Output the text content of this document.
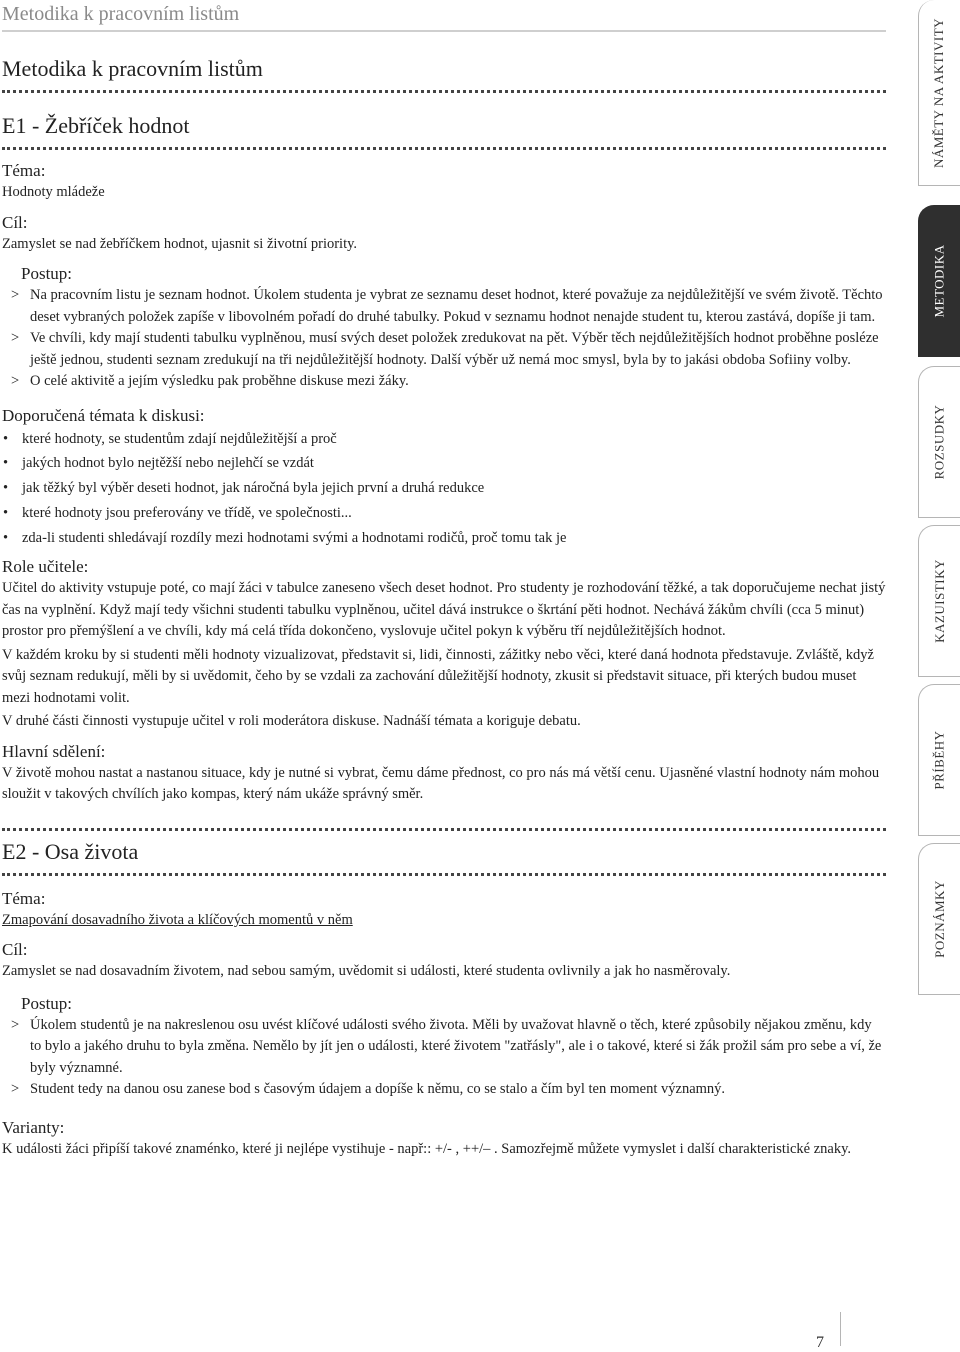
Metodika k pracovním listům
Metodika k pracovním listům
E1 - Žebříček hodnot
Téma:

Hodnoty mládeže

Cíl:

Zamyslet se nad žebříčkem hodnot, ujasnit si životní priority.

Postup:
> Na pracovním listu je seznam hodnot. Úkolem studenta je vybrat ze seznamu deset hodnot, které považuje za nejdůležitější ve svém životě. Těchto deset vybraných položek zapíše v libovolném pořadí do druhé tabulky. Pokud v seznamu hodnot nenajde student tu, kterou zastává, dopíše ji tam.
> Ve chvíli, kdy mají studenti tabulku vyplněnou, musí svých deset položek zredukovat na pět. Výběr těch nejdůležitějších hodnot proběhne posléze ještě jednou, studenti seznam zredukují na tři nejdůležitější hodnoty. Další výběr už nemá moc smysl, byla by to jakási obdoba Sofiiny volby.
> O celé aktivitě a jejím výsledku pak proběhne diskuse mezi žáky.
Doporučená témata k diskusi:
• které hodnoty, se studentům zdají nejdůležitější a proč
• jakých hodnot bylo nejtěžší nebo nejlehčí se vzdát
• jak těžký byl výběr deseti hodnot, jak náročná byla jejich první a druhá redukce
• které hodnoty jsou preferovány ve třídě, ve společnosti...
• zda-li studenti shledávají rozdíly mezi hodnotami svými a hodnotami rodičů, proč tomu tak je
Role učitele:

Učitel do aktivity vstupuje poté, co mají žáci v tabulce zaneseno všech deset hodnot. Pro studenty je rozhodování těžké, a tak doporučujeme nechat jistý čas na vyplnění. Když mají tedy všichni studenti tabulku vyplněnou, učitel dává instrukce o škrtání pěti hodnot. Nechává žákům chvíli (cca 5 minut) prostor pro přemýšlení a ve chvíli, kdy má celá třída dokončeno, vyslovuje učitel pokyn k výběru tří nejdůležitějších hodnot.

V každém kroku by si studenti měli hodnoty vizualizovat, představit si, lidi, činnosti, zážitky nebo věci, které daná hodnota představuje. Zvláště, když svůj seznam redukují, měli by si uvědomit, čeho by se vzdali za zachování důležitější hodnoty, zkusit si představit situace, při kterých budou muset mezi hodnotami volit.

V druhé části činnosti vystupuje učitel v roli moderátora diskuse. Nadnáší témata a koriguje debatu.

Hlavní sdělení:

V životě mohou nastat a nastanou situace, kdy je nutné si vybrat, čemu dáme přednost, co pro nás má větší cenu. Ujasněné vlastní hodnoty nám mohou sloužit v takových chvílích jako kompas, který nám ukáže správný směr.

E2 - Osa života
Téma:

Zmapování dosavadního života a klíčových momentů v něm

Cíl:

Zamyslet se nad dosavadním životem, nad sebou samým, uvědomit si události, které studenta ovlivnily a jak ho nasměrovaly.

Postup:
> Úkolem studentů je na nakreslenou osu uvést klíčové události svého života. Měli by uvažovat hlavně o těch, které způsobily nějakou změnu, kdy to bylo a jakého druhu to byla změna. Nemělo by jít jen o události, které životem "zatřásly", ale i o takové, které si žák prožil sám pro sebe a ví, že byly významné.
> Student tedy na danou osu zanese bod s časovým údajem a dopíše k němu, co se stalo a čím byl ten moment významný.
Varianty:

K události žáci připíší takové znaménko, které ji nejlépe vystihuje - např:: +/- , ++/– . Samozřejmě můžete vymyslet i další charakteristické znaky.

NÁMĚTY NA AKTIVITY
METODIKA
ROZSUDKY
KAZUISTIKY
PŘÍBĚHY
POZNÁMKY
7
